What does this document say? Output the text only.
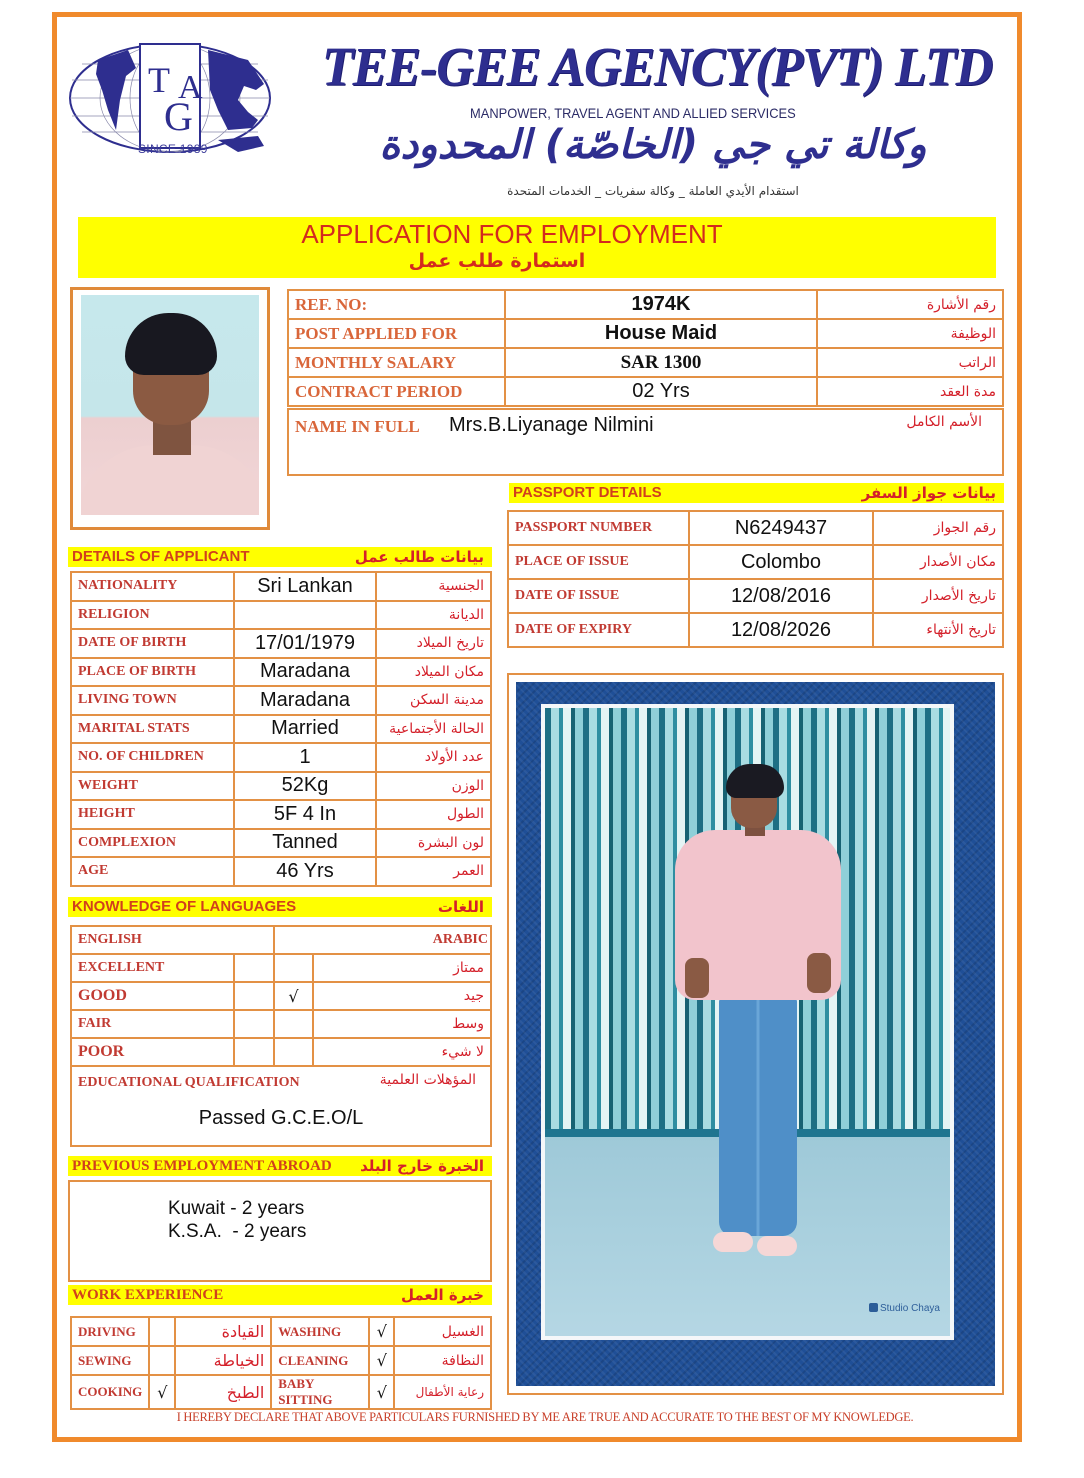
T
G
A
SINCE 1989
TEE-GEE AGENCY(PVT) LTD
MANPOWER, TRAVEL AGENT AND ALLIED SERVICES
وكالة تي جي (الخاصّة) المحدودة
استقدام الأيدي العاملة _ وكالة سفريات _ الخدمات المتحدة
APPLICATION FOR EMPLOYMENT
استمارة طلب عمل
REF. NO:	1974K	رقم الأشارة
POST APPLIED FOR	House Maid	الوظيفة
MONTHLY SALARY	SAR 1300	الراتب
CONTRACT PERIOD	02 Yrs	مدة العقد
NAME IN FULL Mrs.B.Liyanage Nilmini	الأسم الكامل
PASSPORT DETAILS	بيانات جواز السفر
PASSPORT NUMBER	N6249437	رقم الجواز
PLACE OF ISSUE	Colombo	مكان الأصدار
DATE OF ISSUE	12/08/2016	تاريخ الأصدار
DATE OF EXPIRY	12/08/2026	تاريخ الأنتهاء
DETAILS OF APPLICANT	بيانات طالب عمل
NATIONALITY	Sri Lankan	الجنسية
RELIGION		الديانة
DATE OF BIRTH	17/01/1979	تاريخ الميلاد
PLACE OF BIRTH	Maradana	مكان الميلاد
LIVING TOWN	Maradana	مدينة السكن
MARITAL STATS	Married	الحالة الأجتماعية
NO. OF CHILDREN	1	عدد الأولاد
WEIGHT	52Kg	الوزن
HEIGHT	5F 4 In	الطول
COMPLEXION	Tanned	لون البشرة
AGE	46 Yrs	العمر
KNOWLEDGE OF LANGUAGES	اللغات
ENGLISH		ARABIC	
EXCELLENT			ممتاز
GOOD		√	جيد
FAIR			وسط
POOR			لا شيء
EDUCATIONAL QUALIFICATION المؤهلات العلمية
Passed G.C.E.O/L			
PREVIOUS EMPLOYMENT ABROAD الخبرة خارج البلد
Kuwait - 2 years
K.S.A.  - 2 years
WORK EXPERIENCE	خبرة العمل
DRIVING		القيادة	WASHING	√	الغسيل
SEWING		الخياطة	CLEANING	√	النظافة
COOKING	√	الطبخ	BABY SITTING	√	رعاية الأطفال
Studio Chaya
I HEREBY DECLARE THAT ABOVE PARTICULARS FURNISHED BY ME ARE TRUE AND ACCURATE TO THE BEST OF MY KNOWLEDGE.
